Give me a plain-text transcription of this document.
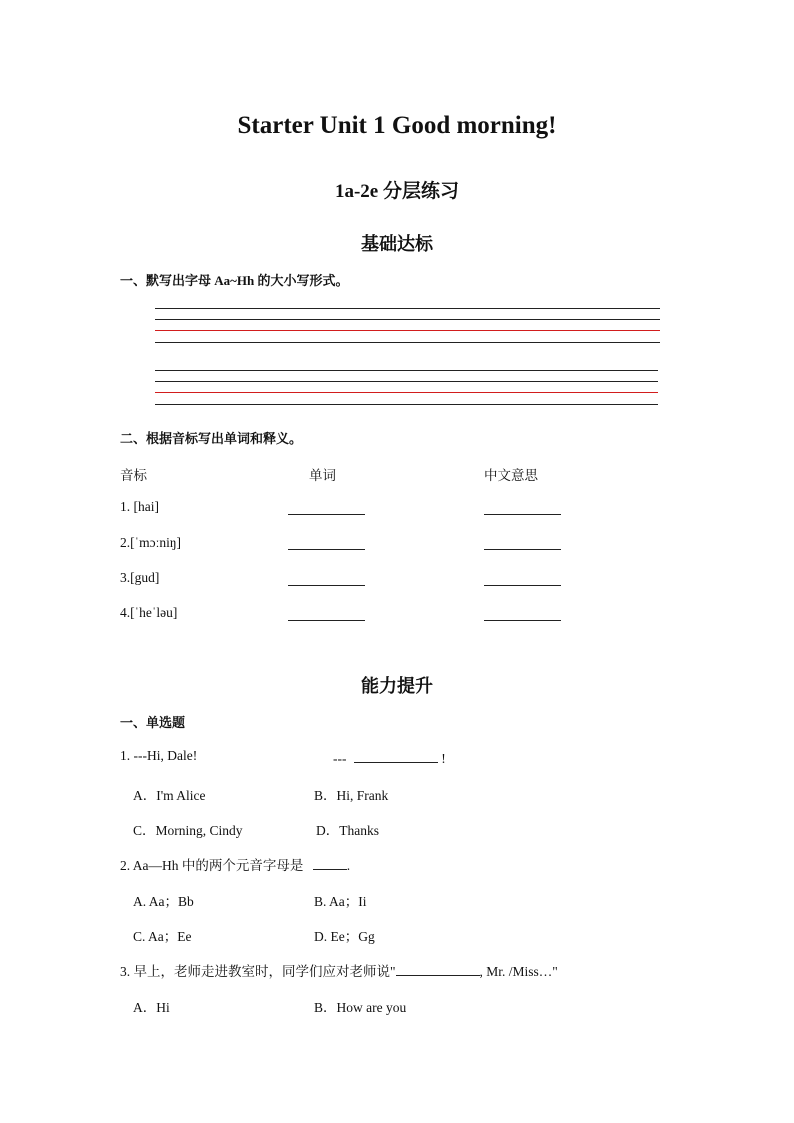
Starter Unit 1 Good morning!
1a-2e 分层练习
基础达标
一、默写出字母 Aa~Hh 的大小写形式。
二、根据音标写出单词和释义。
音标	单词	中文意思
1. [hai]
2.[ˈmɔːniŋ]
3.[gud]
4.[ˈheˈləu]
能力提升
一、单选题
1. ---Hi, Dale!	---	!
A．I'm Alice	B．Hi, Frank
C．Morning, Cindy	D．Thanks
2. Aa—Hh 中的两个元音字母是	.
A. Aa；Bb	B. Aa；Ii
C. Aa；Ee	D. Ee；Gg
3. 早上，老师走进教室时，同学们应对老师说"	, Mr. /Miss…"
A．Hi	B．How are you
